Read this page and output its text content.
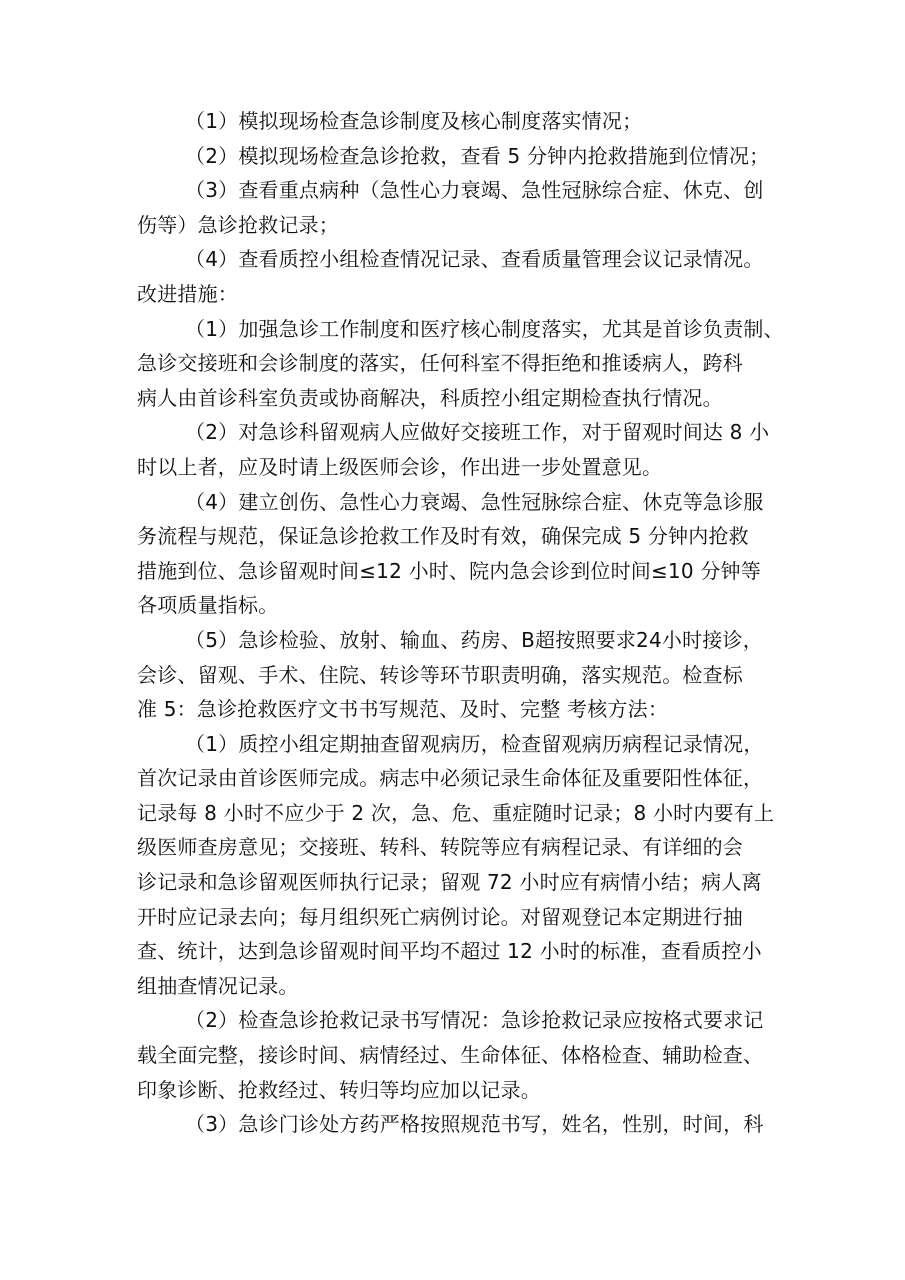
（1）模拟现场检查急诊制度及核心制度落实情况；
（2）模拟现场检查急诊抢救，查看 5 分钟内抢救措施到位情况；
（3）查看重点病种（急性心力衰竭、急性冠脉综合症、休克、创
伤等）急诊抢救记录；
（4）查看质控小组检查情况记录、查看质量管理会议记录情况。
改进措施：
（1）加强急诊工作制度和医疗核心制度落实，尤其是首诊负责制、
急诊交接班和会诊制度的落实，任何科室不得拒绝和推诿病人，跨科
病人由首诊科室负责或协商解决，科质控小组定期检查执行情况。
（2）对急诊科留观病人应做好交接班工作，对于留观时间达 8 小
时以上者，应及时请上级医师会诊，作出进一步处置意见。
（4）建立创伤、急性心力衰竭、急性冠脉综合症、休克等急诊服
务流程与规范，保证急诊抢救工作及时有效，确保完成 5 分钟内抢救
措施到位、急诊留观时间≤12 小时、院内急会诊到位时间≤10 分钟等
各项质量指标。
（5）急诊检验、放射、输血、药房、B超按照要求24小时接诊，
会诊、留观、手术、住院、转诊等环节职责明确，落实规范。检查标
准 5：急诊抢救医疗文书书写规范、及时、完整 考核方法：
（1）质控小组定期抽查留观病历，检查留观病历病程记录情况，
首次记录由首诊医师完成。病志中必须记录生命体征及重要阳性体征，
记录每 8 小时不应少于 2 次，急、危、重症随时记录；8 小时内要有上
级医师查房意见；交接班、转科、转院等应有病程记录、有详细的会
诊记录和急诊留观医师执行记录；留观 72 小时应有病情小结；病人离
开时应记录去向；每月组织死亡病例讨论。对留观登记本定期进行抽
查、统计，达到急诊留观时间平均不超过 12 小时的标准，查看质控小
组抽查情况记录。
（2）检查急诊抢救记录书写情况：急诊抢救记录应按格式要求记
载全面完整，接诊时间、病情经过、生命体征、体格检查、辅助检查、
印象诊断、抢救经过、转归等均应加以记录。
（3）急诊门诊处方药严格按照规范书写，姓名，性别，时间，科
